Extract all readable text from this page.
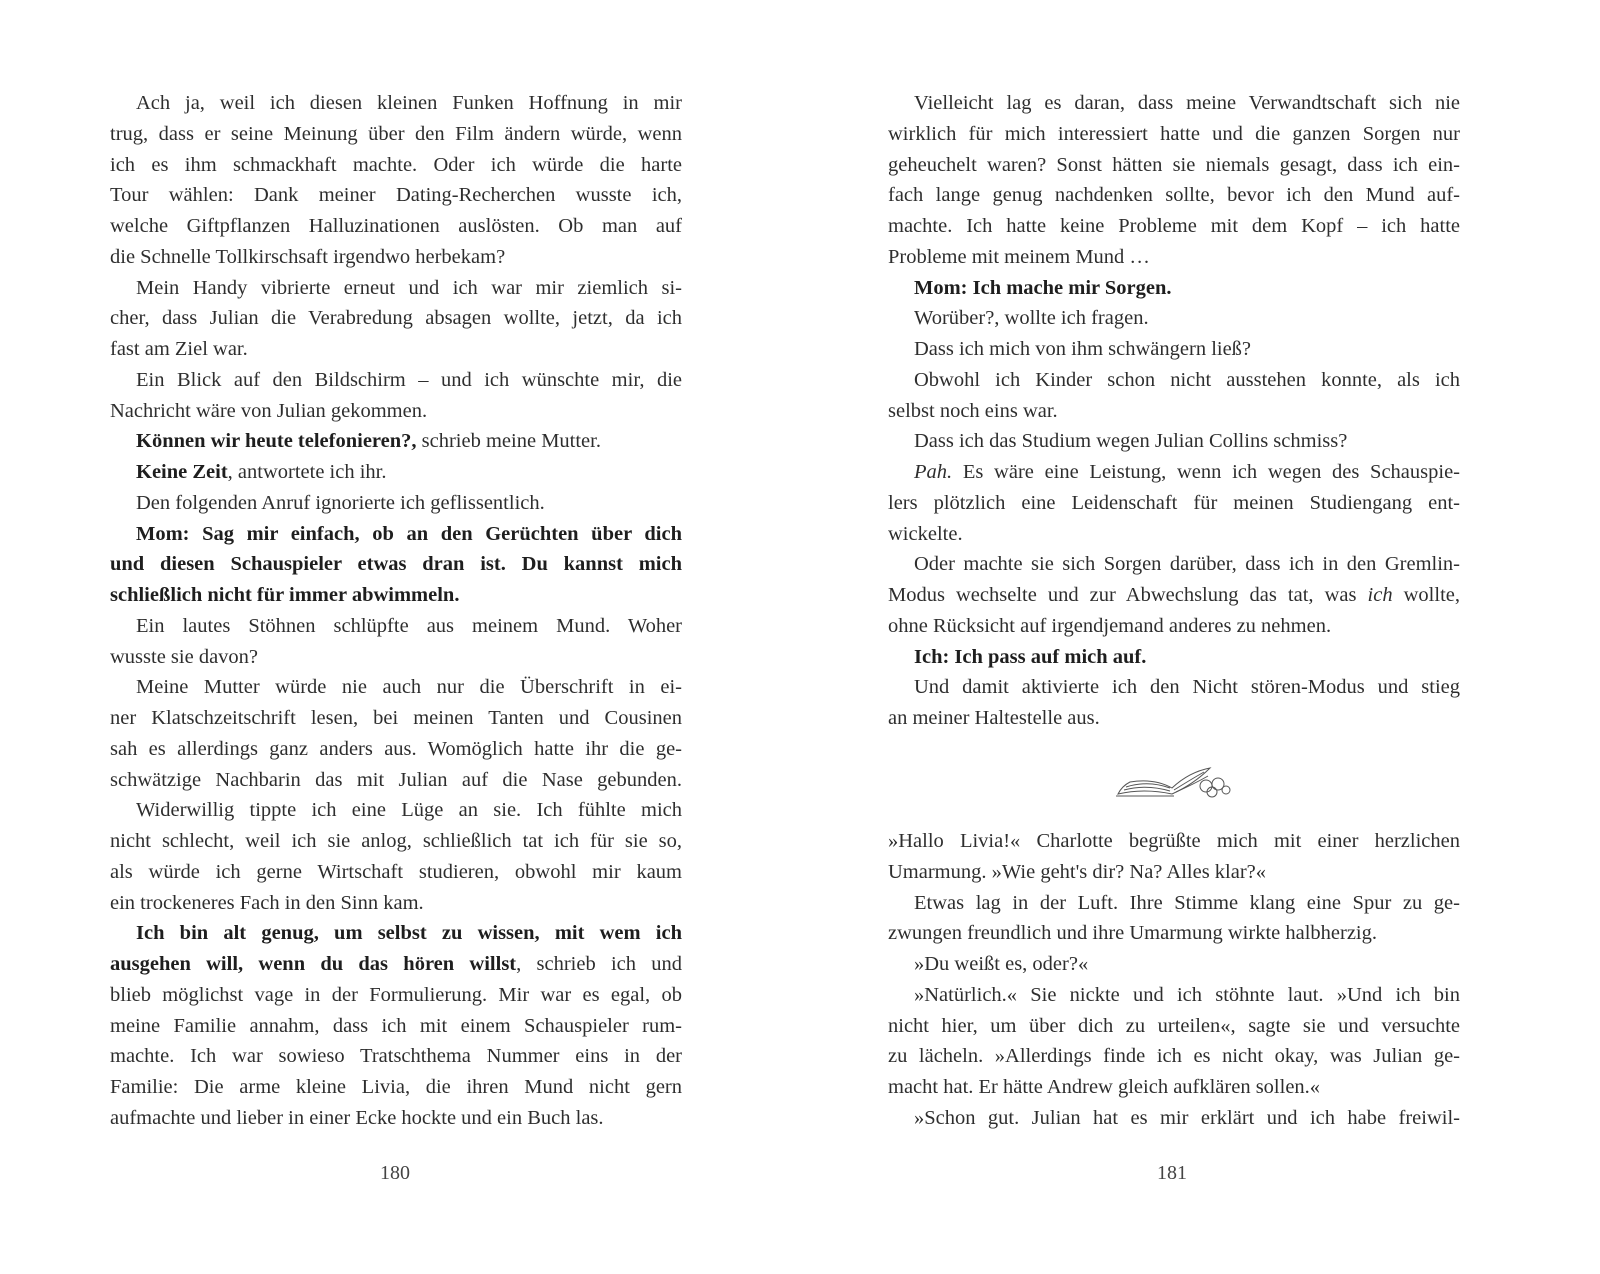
Ach ja, weil ich diesen kleinen Funken Hoffnung in mir
trug, dass er seine Meinung über den Film ändern würde, wenn
ich es ihm schmackhaft machte. Oder ich würde die harte
Tour wählen: Dank meiner Dating-Recherchen wusste ich,
welche Giftpflanzen Halluzinationen auslösten. Ob man auf
die Schnelle Tollkirschsaft irgendwo herbekam?
Mein Handy vibrierte erneut und ich war mir ziemlich si-
cher, dass Julian die Verabredung absagen wollte, jetzt, da ich
fast am Ziel war.
Ein Blick auf den Bildschirm – und ich wünschte mir, die
Nachricht wäre von Julian gekommen.
Können wir heute telefonieren?, schrieb meine Mutter.
Keine Zeit, antwortete ich ihr.
Den folgenden Anruf ignorierte ich geflissentlich.
Mom: Sag mir einfach, ob an den Gerüchten über dich
und diesen Schauspieler etwas dran ist. Du kannst mich
schließlich nicht für immer abwimmeln.
Ein lautes Stöhnen schlüpfte aus meinem Mund. Woher
wusste sie davon?
Meine Mutter würde nie auch nur die Überschrift in ei-
ner Klatschzeitschrift lesen, bei meinen Tanten und Cousinen
sah es allerdings ganz anders aus. Womöglich hatte ihr die ge-
schwätzige Nachbarin das mit Julian auf die Nase gebunden.
Widerwillig tippte ich eine Lüge an sie. Ich fühlte mich
nicht schlecht, weil ich sie anlog, schließlich tat ich für sie so,
als würde ich gerne Wirtschaft studieren, obwohl mir kaum
ein trockeneres Fach in den Sinn kam.
Ich bin alt genug, um selbst zu wissen, mit wem ich
ausgehen will, wenn du das hören willst, schrieb ich und
blieb möglichst vage in der Formulierung. Mir war es egal, ob
meine Familie annahm, dass ich mit einem Schauspieler rum-
machte. Ich war sowieso Tratschthema Nummer eins in der
Familie: Die arme kleine Livia, die ihren Mund nicht gern
aufmachte und lieber in einer Ecke hockte und ein Buch las.
Vielleicht lag es daran, dass meine Verwandtschaft sich nie
wirklich für mich interessiert hatte und die ganzen Sorgen nur
geheuchelt waren? Sonst hätten sie niemals gesagt, dass ich ein-
fach lange genug nachdenken sollte, bevor ich den Mund auf-
machte. Ich hatte keine Probleme mit dem Kopf – ich hatte
Probleme mit meinem Mund …
Mom: Ich mache mir Sorgen.
Worüber?, wollte ich fragen.
Dass ich mich von ihm schwängern ließ?
Obwohl ich Kinder schon nicht ausstehen konnte, als ich
selbst noch eins war.
Dass ich das Studium wegen Julian Collins schmiss?
Pah. Es wäre eine Leistung, wenn ich wegen des Schauspie-
lers plötzlich eine Leidenschaft für meinen Studiengang ent-
wickelte.
Oder machte sie sich Sorgen darüber, dass ich in den Gremlin-
Modus wechselte und zur Abwechslung das tat, was ich wollte,
ohne Rücksicht auf irgendjemand anderes zu nehmen.
Ich: Ich pass auf mich auf.
Und damit aktivierte ich den Nicht stören-Modus und stieg
an meiner Haltestelle aus.
»Hallo Livia!« Charlotte begrüßte mich mit einer herzlichen
Umarmung. »Wie geht's dir? Na? Alles klar?«
Etwas lag in der Luft. Ihre Stimme klang eine Spur zu ge-
zwungen freundlich und ihre Umarmung wirkte halbherzig.
»Du weißt es, oder?«
»Natürlich.« Sie nickte und ich stöhnte laut. »Und ich bin
nicht hier, um über dich zu urteilen«, sagte sie und versuchte
zu lächeln. »Allerdings finde ich es nicht okay, was Julian ge-
macht hat. Er hätte Andrew gleich aufklären sollen.«
»Schon gut. Julian hat es mir erklärt und ich habe freiwil-
180	181
